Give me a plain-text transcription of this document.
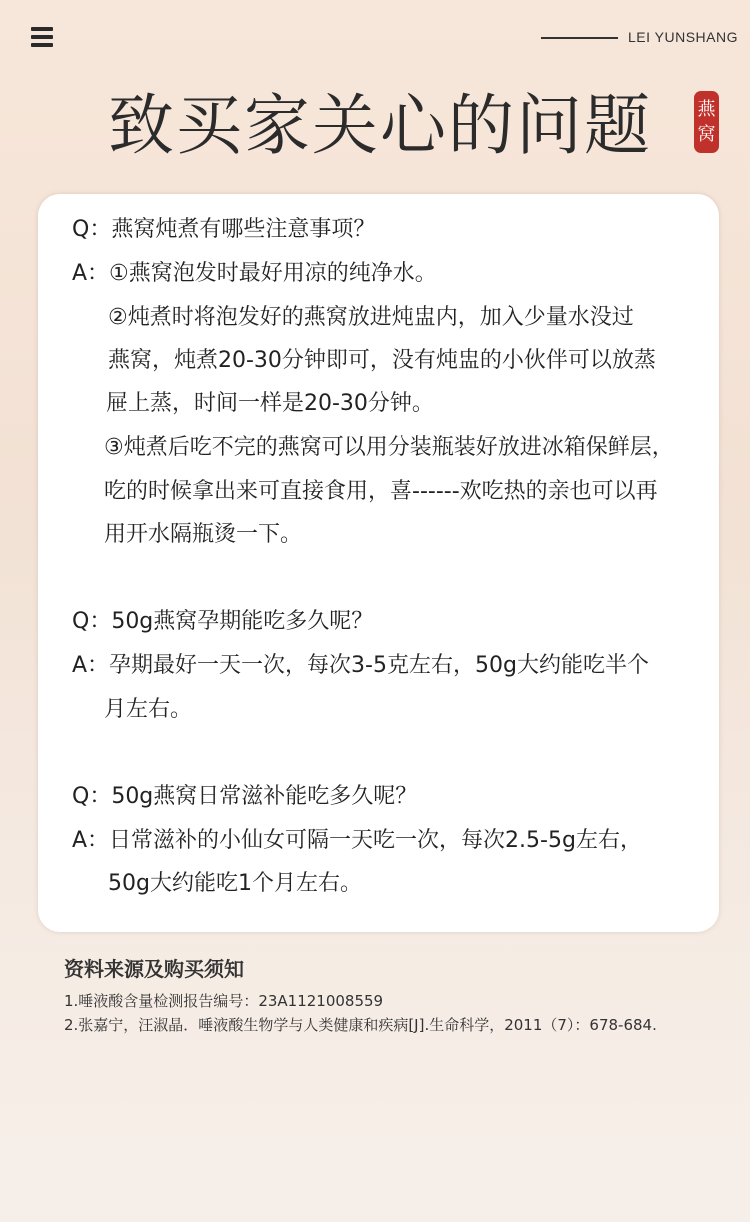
LEI YUNSHANG
致买家关心的问题	燕窝
Q：燕窝炖煮有哪些注意事项？
A：①燕窝泡发时最好用凉的纯净水。
②炖煮时将泡发好的燕窝放进炖盅内，加入少量水没过
燕窝，炖煮20-30分钟即可，没有炖盅的小伙伴可以放蒸
屉上蒸，时间一样是20-30分钟。
③炖煮后吃不完的燕窝可以用分装瓶装好放进冰箱保鲜层，
吃的时候拿出来可直接食用，喜------欢吃热的亲也可以再
用开水隔瓶烫一下。
Q：50g燕窝孕期能吃多久呢？
A：孕期最好一天一次，每次3-5克左右，50g大约能吃半个
月左右。
Q：50g燕窝日常滋补能吃多久呢？
A：日常滋补的小仙女可隔一天吃一次，每次2.5-5g左右，
50g大约能吃1个月左右。
资料来源及购买须知
1.唾液酸含量检测报告编号：23A1121008559
2.张嘉宁，汪淑晶．唾液酸生物学与人类健康和疾病[J].生命科学，2011（7）：678-684.
